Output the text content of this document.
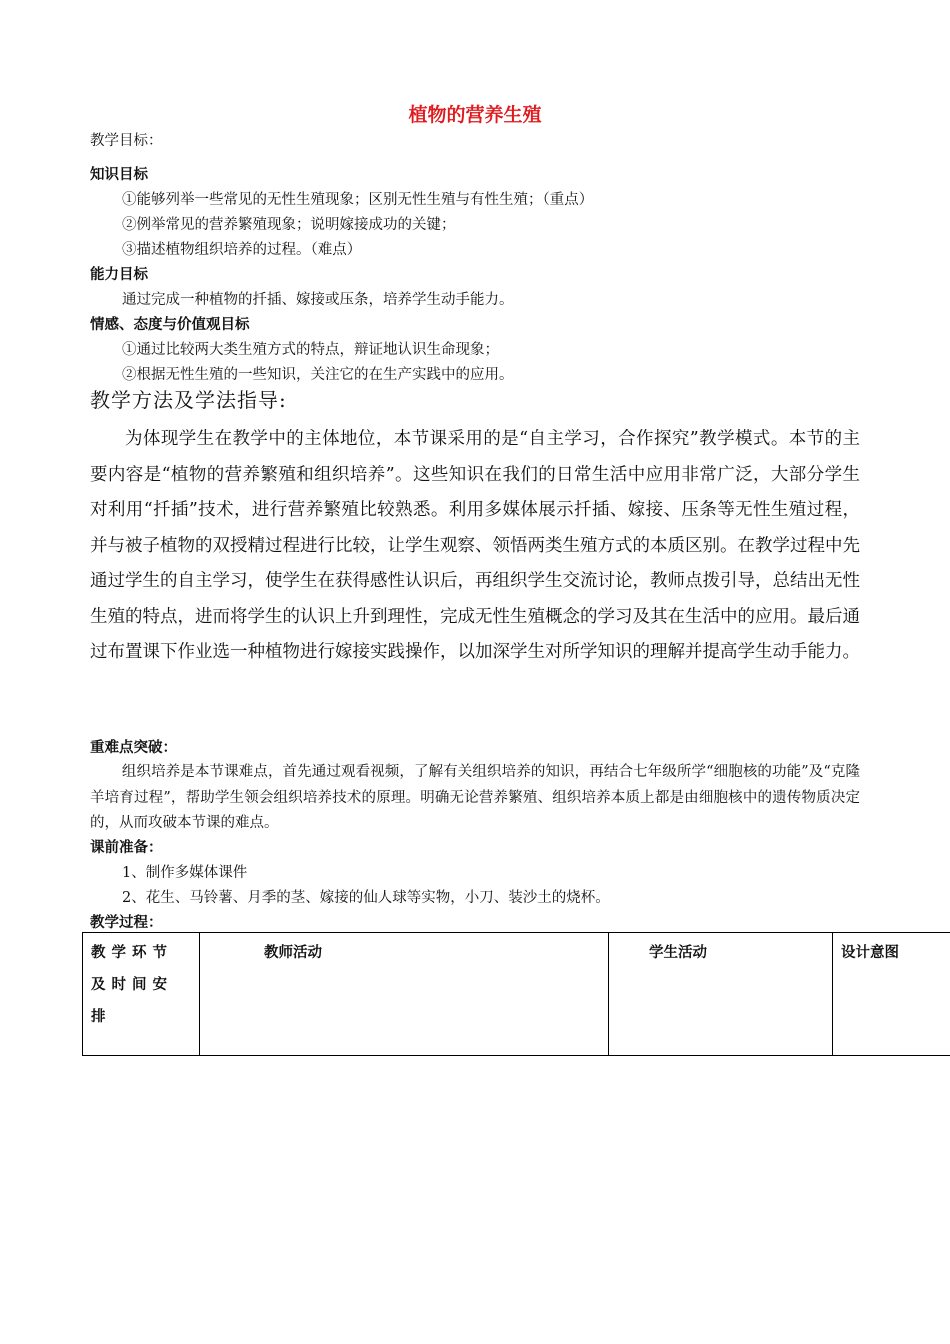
植物的营养生殖
教学目标：
知识目标
①能够列举一些常见的无性生殖现象；区别无性生殖与有性生殖；（重点）
②例举常见的营养繁殖现象；说明嫁接成功的关键；
③描述植物组织培养的过程。（难点）
能力目标
通过完成一种植物的扦插、嫁接或压条，培养学生动手能力。
情感、态度与价值观目标
①通过比较两大类生殖方式的特点，辩证地认识生命现象；
②根据无性生殖的一些知识，关注它的在生产实践中的应用。
教学方法及学法指导:

为体现学生在教学中的主体地位，本节课采用的是“自主学习，合作探究”教学模式。本节的主要内容是“植物的营养繁殖和组织培养”。这些知识在我们的日常生活中应用非常广泛，大部分学生对利用“扦插”技术，进行营养繁殖比较熟悉。利用多媒体展示扦插、嫁接、压条等无性生殖过程，并与被子植物的双授精过程进行比较，让学生观察、领悟两类生殖方式的本质区别。在教学过程中先通过学生的自主学习，使学生在获得感性认识后，再组织学生交流讨论，教师点拨引导，总结出无性生殖的特点，进而将学生的认识上升到理性，完成无性生殖概念的学习及其在生活中的应用。最后通过布置课下作业选一种植物进行嫁接实践操作，以加深学生对所学知识的理解并提高学生动手能力。

重难点突破：

组织培养是本节课难点，首先通过观看视频，了解有关组织培养的知识，再结合七年级所学“细胞核的功能”及“克隆羊培育过程”，帮助学生领会组织培养技术的原理。明确无论营养繁殖、组织培养本质上都是由细胞核中的遗传物质决定的，从而攻破本节课的难点。

课前准备：
1、制作多媒体课件
2、花生、马铃薯、月季的茎、嫁接的仙人球等实物，小刀、装沙土的烧杯。
教学过程：
教学环节及时间安排	教师活动	学生活动	设计意图
